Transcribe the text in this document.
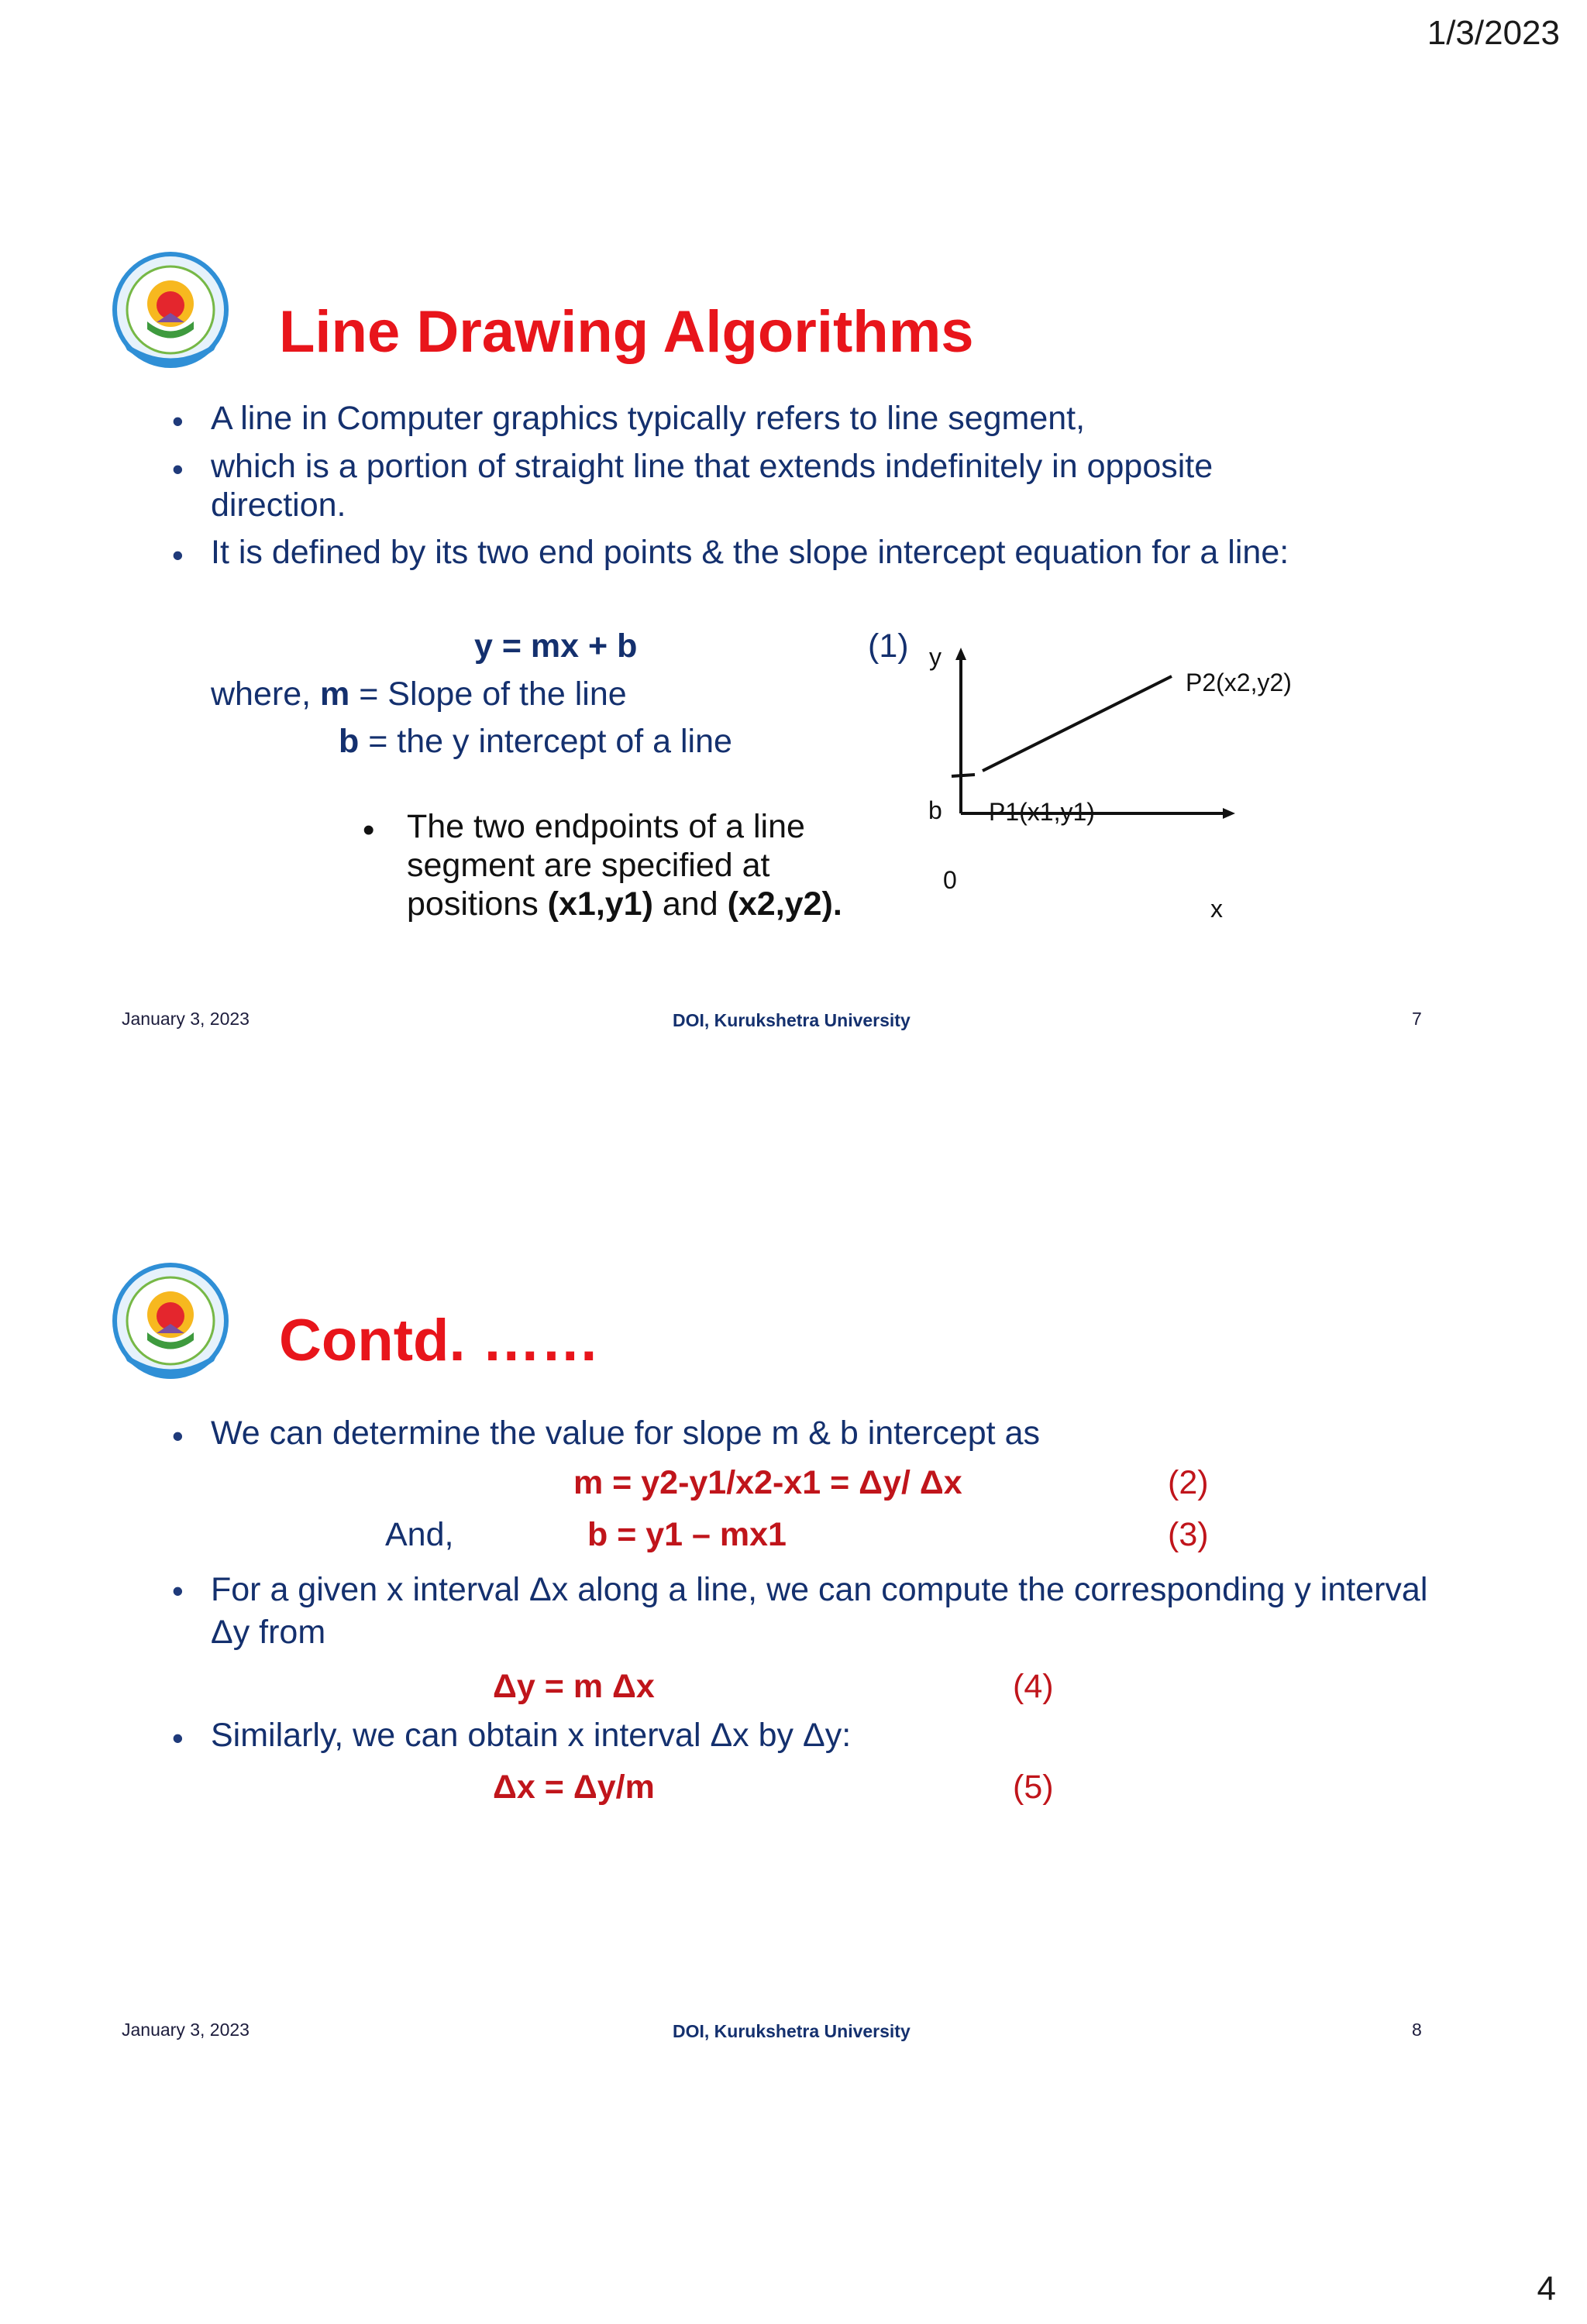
1/3/2023
Line Drawing Algorithms
• A line in Computer graphics typically refers to line segment,
• which is a portion of straight line that extends indefinitely in opposite direction.
• It is defined by its two end points & the slope intercept equation for a line:
y = mx + b	(1)
where, m = Slope of the line
b = the y intercept of a line
• The two endpoints of a line segment are specified at positions (x1,y1) and (x2,y2).
y
x
0
b P1(x1,y1)
P2(x2,y2)
January 3, 2023	DOI, Kurukshetra University	7
Contd. ……
• We can determine the value for slope m & b intercept as
m = y2-y1/x2-x1 = Δy/ Δx	(2)
And,	b = y1 – mx1	(3)
• For a given x interval Δx along a line, we can compute the corresponding y interval Δy from
Δy = m Δx	(4)
• Similarly, we can obtain x interval Δx by Δy:
Δx = Δy/m	(5)
January 3, 2023	DOI, Kurukshetra University	8
4
